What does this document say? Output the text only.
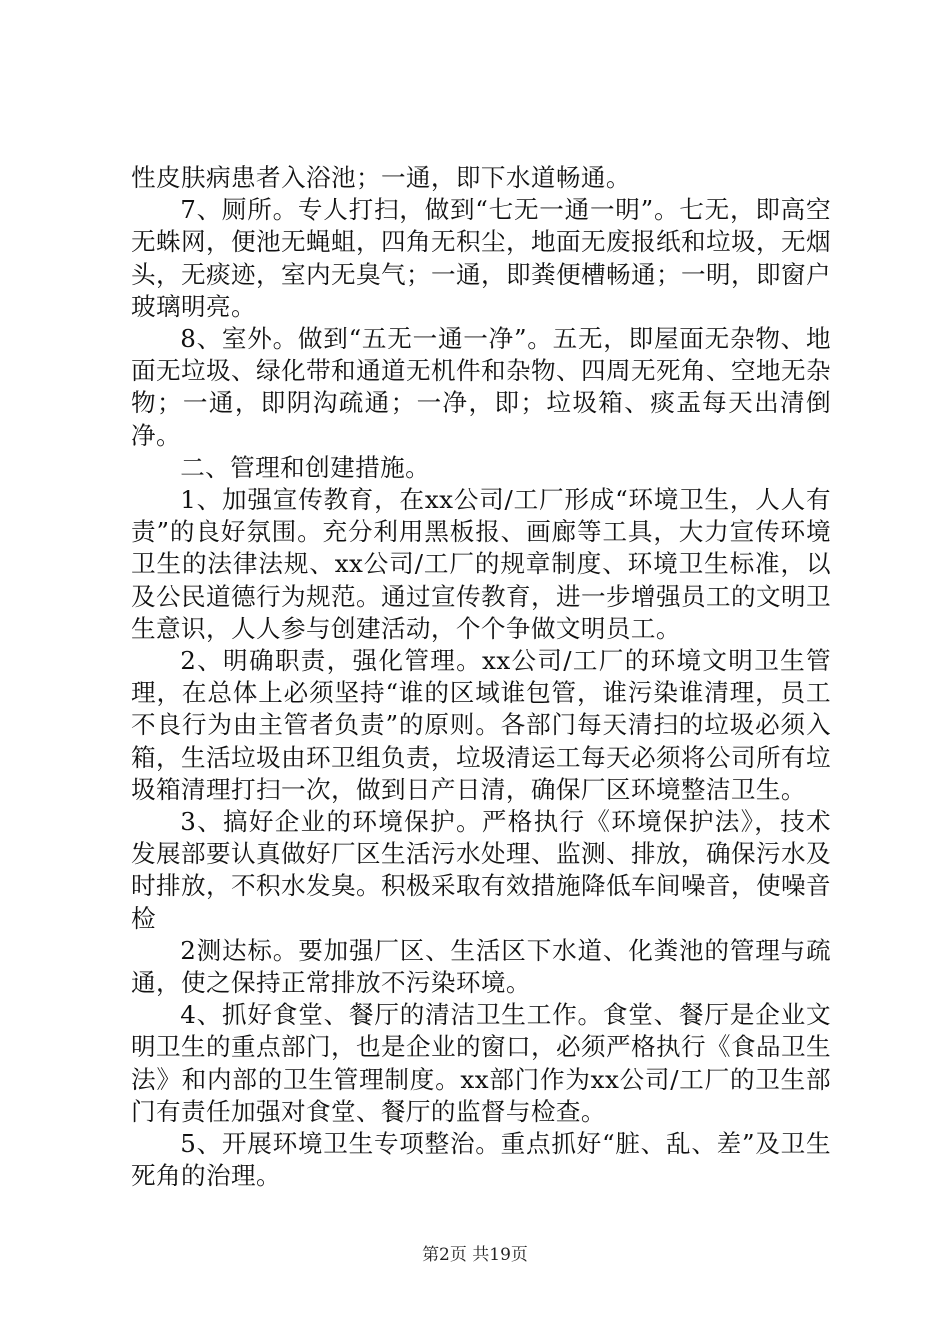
性皮肤病患者入浴池；一通，即下水道畅通。

7、厕所。专人打扫，做到“七无一通一明”。七无，即高空无蛛网，便池无蝇蛆，四角无积尘，地面无废报纸和垃圾，无烟头，无痰迹，室内无臭气；一通，即粪便槽畅通；一明，即窗户玻璃明亮。

8、室外。做到“五无一通一净”。五无，即屋面无杂物、地面无垃圾、绿化带和通道无机件和杂物、四周无死角、空地无杂物；一通，即阴沟疏通；一净，即；垃圾箱、痰盂每天出清倒净。

二、管理和创建措施。

1、加强宣传教育，在xx公司/工厂形成“环境卫生，人人有责”的良好氛围。充分利用黑板报、画廊等工具，大力宣传环境卫生的法律法规、xx公司/工厂的规章制度、环境卫生标准，以及公民道德行为规范。通过宣传教育，进一步增强员工的文明卫生意识，人人参与创建活动，个个争做文明员工。

2、明确职责，强化管理。xx公司/工厂的环境文明卫生管理，在总体上必须坚持“谁的区域谁包管，谁污染谁清理，员工不良行为由主管者负责”的原则。各部门每天清扫的垃圾必须入箱，生活垃圾由环卫组负责，垃圾清运工每天必须将公司所有垃圾箱清理打扫一次，做到日产日清，确保厂区环境整洁卫生。

3、搞好企业的环境保护。严格执行《环境保护法》，技术发展部要认真做好厂区生活污水处理、监测、排放，确保污水及时排放，不积水发臭。积极采取有效措施降低车间噪音，使噪音检

2测达标。要加强厂区、生活区下水道、化粪池的管理与疏通，使之保持正常排放不污染环境。

4、抓好食堂、餐厅的清洁卫生工作。食堂、餐厅是企业文明卫生的重点部门，也是企业的窗口，必须严格执行《食品卫生法》和内部的卫生管理制度。xx部门作为xx公司/工厂的卫生部门有责任加强对食堂、餐厅的监督与检查。

5、开展环境卫生专项整治。重点抓好“脏、乱、差”及卫生死角的治理。

第2页 共19页
